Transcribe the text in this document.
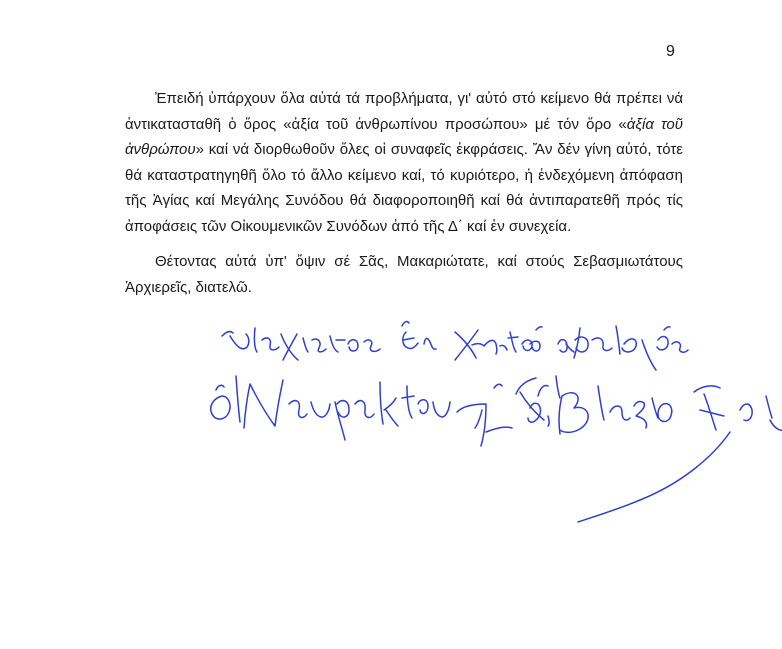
9

Ἐπειδή ὑπάρχουν ὅλα αὐτά τά προβλήματα, γι' αὐτό στό κείμενο θά πρέπει νά ἀντικατασταθῆ ὁ ὅρος «ἀξία τοῦ ἀνθρωπίνου προσώπου» μέ τόν ὅρο «ἀξία τοῦ ἀνθρώπου» καί νά διορθωθοῦν ὅλες οἱ συναφεῖς ἐκφράσεις. Ἄν δέν γίνη αὐτό, τότε θά καταστρατηγηθῆ ὅλο τό ἄλλο κείμενο καί, τό κυριότερο, ἡ ἐνδεχόμενη ἀπόφαση τῆς Ἁγίας καί Μεγάλης Συνόδου θά διαφοροποιηθῆ καί θά ἀντιπαρατεθῆ πρός τίς ἀποφάσεις τῶν Οἰκουμενικῶν Συνόδων ἀπό τῆς Δ΄ καί ἐν συνεχεία.

Θέτοντας αὐτά ὑπ' ὄψιν σέ Σᾶς, Μακαριώτατε, καί στούς Σεβασμιωτάτους Ἀρχιερεῖς, διατελῶ.
